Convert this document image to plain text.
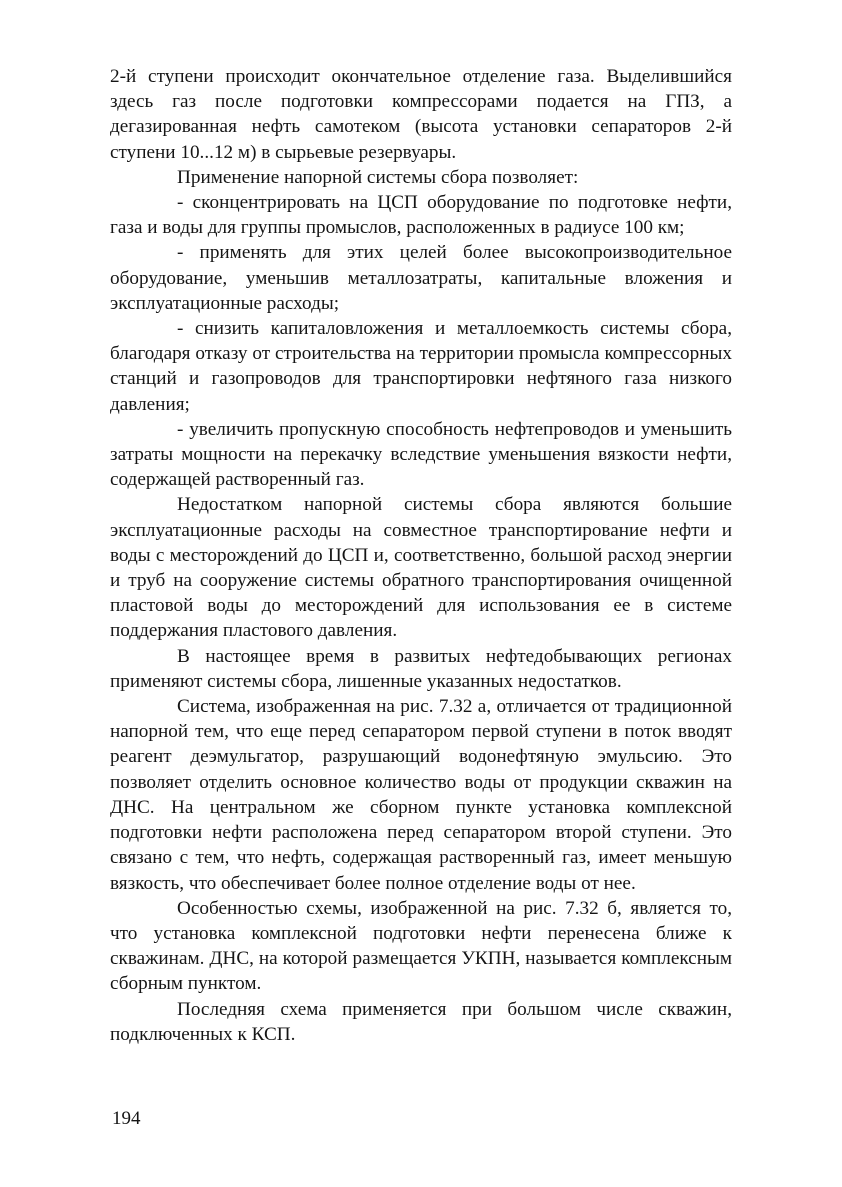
2-й ступени происходит окончательное отделение газа. Выделившийся здесь газ после подготовки компрессорами подается на ГПЗ, а дегазированная нефть самотеком (высота установки сепараторов 2-й ступени 10...12 м) в сырьевые резервуары.

Применение напорной системы сбора позволяет:

- сконцентрировать на ЦСП оборудование по подготовке нефти, газа и воды для группы промыслов, расположенных в радиусе 100 км;

- применять для этих целей более высокопроизводительное оборудование, уменьшив металлозатраты, капитальные вложения и эксплуатационные расходы;

- снизить капиталовложения и металлоемкость системы сбора, благодаря отказу от строительства на территории промысла компрессорных станций и газопроводов для транспортировки нефтяного газа низкого давления;

- увеличить пропускную способность нефтепроводов и уменьшить затраты мощности на перекачку вследствие уменьшения вязкости нефти, содержащей растворенный газ.

Недостатком напорной системы сбора являются большие эксплуатационные расходы на совместное транспортирование нефти и воды с месторождений до ЦСП и, соответственно, большой расход энергии и труб на сооружение системы обратного транспортирования очищенной пластовой воды до месторождений для использования ее в системе поддержания пластового давления.

В настоящее время в развитых нефтедобывающих регионах применяют системы сбора, лишенные указанных недостатков.

Система, изображенная на рис. 7.32 а, отличается от традиционной напорной тем, что еще перед сепаратором первой ступени в поток вводят реагент деэмульгатор, разрушающий водонефтяную эмульсию. Это позволяет отделить основное количество воды от продукции скважин на ДНС. На центральном же сборном пункте установка комплексной подготовки нефти расположена перед сепаратором второй ступени. Это связано с тем, что нефть, содержащая растворенный газ, имеет меньшую вязкость, что обеспечивает более полное отделение воды от нее.

Особенностью схемы, изображенной на рис. 7.32 б, является то, что установка комплексной подготовки нефти перенесена ближе к скважинам. ДНС, на которой размещается УКПН, называется комплексным сборным пунктом.

Последняя схема применяется при большом числе скважин, подключенных к КСП.

194
